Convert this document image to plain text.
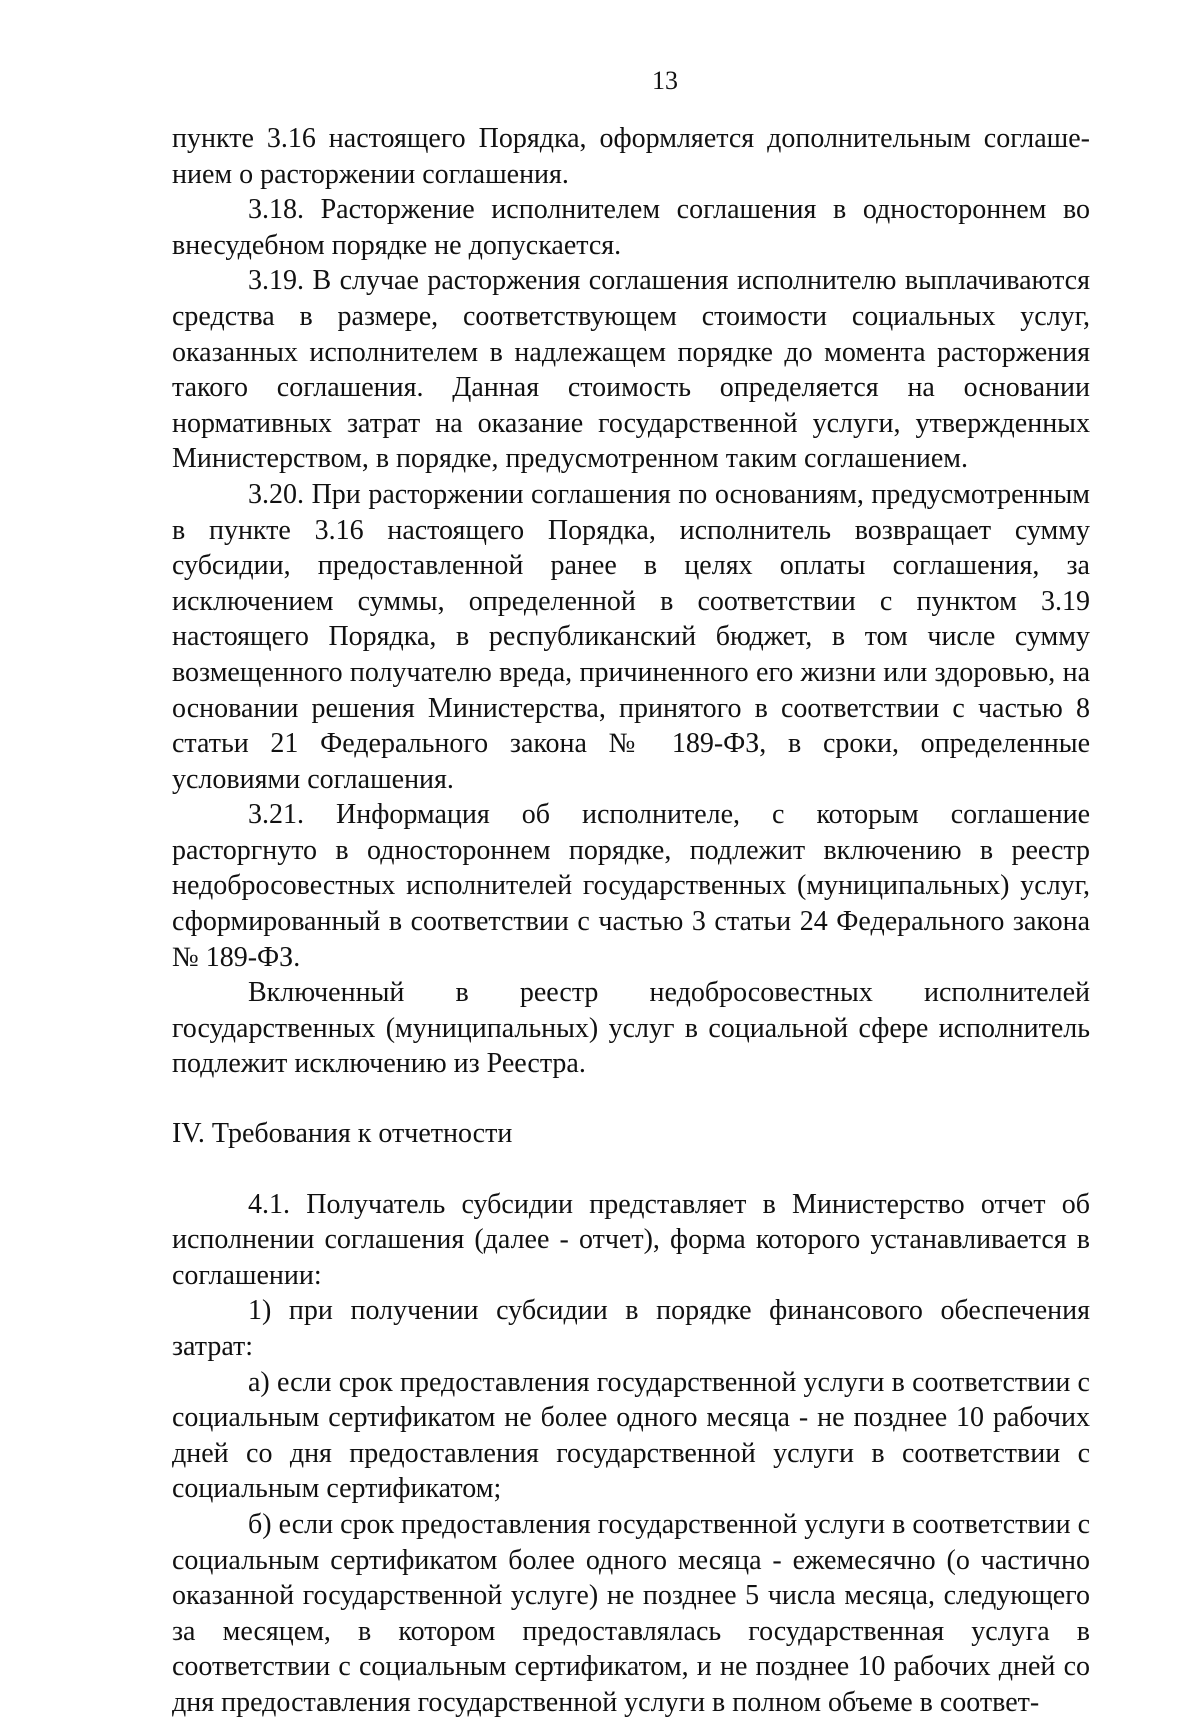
13

пункте 3.16 настоящего Порядка, оформляется дополнительным соглашением о расторжении соглашения.

3.18. Расторжение исполнителем соглашения в одностороннем во внесудебном порядке не допускается.

3.19. В случае расторжения соглашения исполнителю выплачиваются средства в размере, соответствующем стоимости социальных услуг, оказанных исполнителем в надлежащем порядке до момента расторжения такого соглашения. Данная стоимость определяется на основании нормативных затрат на оказание государственной услуги, утвержденных Министерством, в порядке, предусмотренном таким соглашением.

3.20. При расторжении соглашения по основаниям, предусмотренным в пункте 3.16 настоящего Порядка, исполнитель возвращает сумму субсидии, предоставленной ранее в целях оплаты соглашения, за исключением суммы, определенной в соответствии с пунктом 3.19 настоящего Порядка, в республиканский бюджет, в том числе сумму возмещенного получателю вреда, причиненного его жизни или здоровью, на основании решения Министерства, принятого в соответствии с частью 8 статьи 21 Федерального закона № 189-ФЗ, в сроки, определенные условиями соглашения.

3.21. Информация об исполнителе, с которым соглашение расторгнуто в одностороннем порядке, подлежит включению в реестр недобросовестных исполнителей государственных (муниципальных) услуг, сформированный в соответствии с частью 3 статьи 24 Федерального закона № 189-ФЗ.

Включенный в реестр недобросовестных исполнителей государственных (муниципальных) услуг в социальной сфере исполнитель подлежит исключению из Реестра.

IV. Требования к отчетности

4.1. Получатель субсидии представляет в Министерство отчет об исполнении соглашения (далее - отчет), форма которого устанавливается в соглашении:

1) при получении субсидии в порядке финансового обеспечения затрат:

а) если срок предоставления государственной услуги в соответствии с социальным сертификатом не более одного месяца - не позднее 10 рабочих дней со дня предоставления государственной услуги в соответствии с социальным сертификатом;

б) если срок предоставления государственной услуги в соответствии с социальным сертификатом более одного месяца - ежемесячно (о частично оказанной государственной услуге) не позднее 5 числа месяца, следующего за месяцем, в котором предоставлялась государственная услуга в соответствии с социальным сертификатом, и не позднее 10 рабочих дней со дня предоставления государственной услуги в полном объеме в соответ-
